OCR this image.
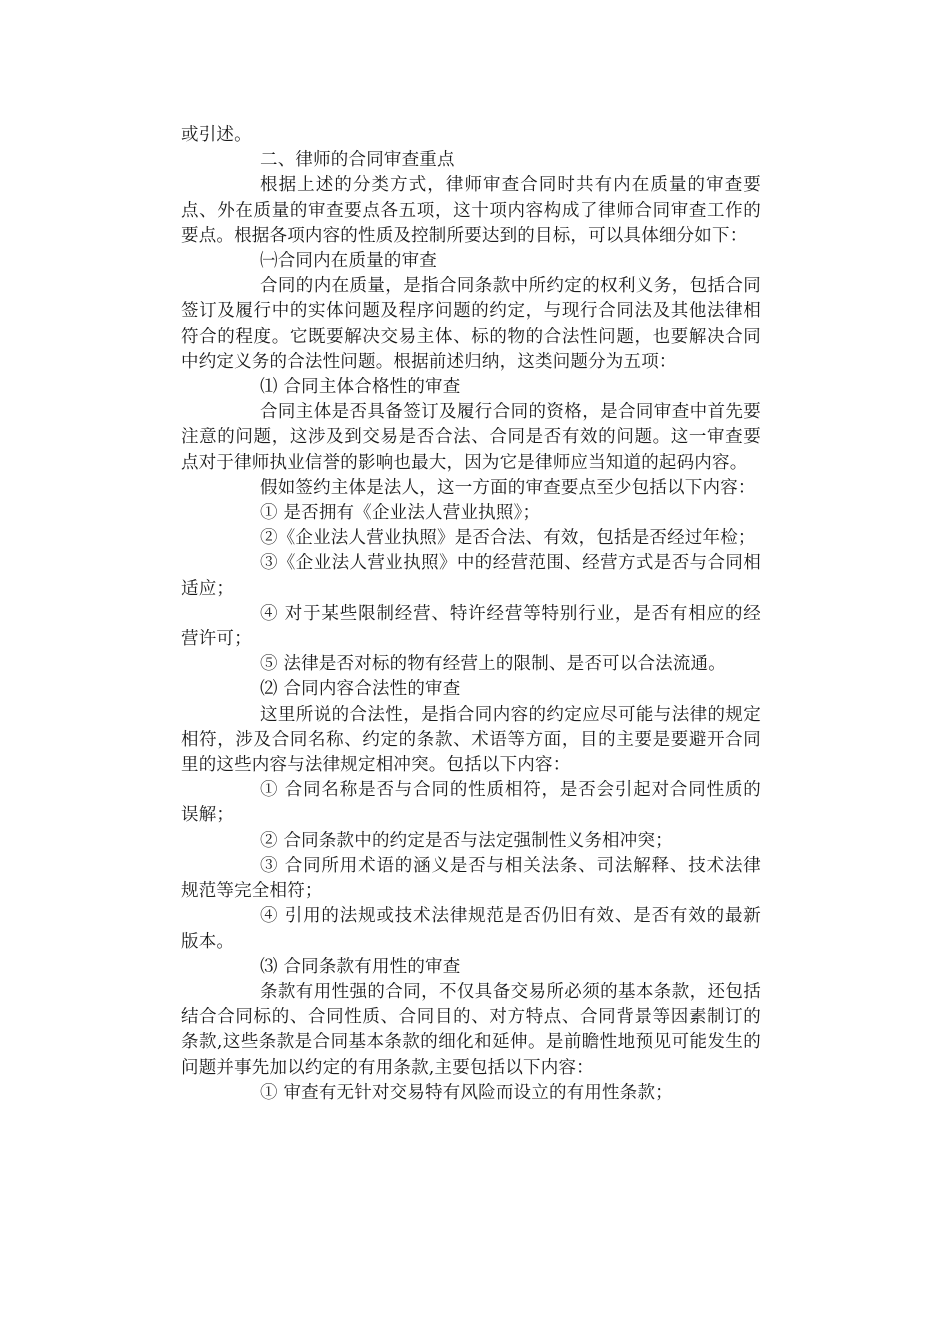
或引述。

二、律师的合同审查重点

根据上述的分类方式，律师审查合同时共有内在质量的审查要点、外在质量的审查要点各五项，这十项内容构成了律师合同审查工作的要点。根据各项内容的性质及控制所要达到的目标，可以具体细分如下：

㈠合同内在质量的审查

合同的内在质量，是指合同条款中所约定的权利义务，包括合同签订及履行中的实体问题及程序问题的约定，与现行合同法及其他法律相符合的程度。它既要解决交易主体、标的物的合法性问题，也要解决合同中约定义务的合法性问题。根据前述归纳，这类问题分为五项：

⑴ 合同主体合格性的审查

合同主体是否具备签订及履行合同的资格，是合同审查中首先要注意的问题，这涉及到交易是否合法、合同是否有效的问题。这一审查要点对于律师执业信誉的影响也最大，因为它是律师应当知道的起码内容。

假如签约主体是法人，这一方面的审查要点至少包括以下内容：

① 是否拥有《企业法人营业执照》；

②《企业法人营业执照》是否合法、有效，包括是否经过年检；

③《企业法人营业执照》中的经营范围、经营方式是否与合同相适应；

④ 对于某些限制经营、特许经营等特别行业，是否有相应的经营许可；

⑤ 法律是否对标的物有经营上的限制、是否可以合法流通。

⑵ 合同内容合法性的审查

这里所说的合法性，是指合同内容的约定应尽可能与法律的规定相符，涉及合同名称、约定的条款、术语等方面，目的主要是要避开合同里的这些内容与法律规定相冲突。包括以下内容：

① 合同名称是否与合同的性质相符，是否会引起对合同性质的误解；

② 合同条款中的约定是否与法定强制性义务相冲突；

③ 合同所用术语的涵义是否与相关法条、司法解释、技术法律规范等完全相符；

④ 引用的法规或技术法律规范是否仍旧有效、是否有效的最新版本。

⑶ 合同条款有用性的审查

条款有用性强的合同，不仅具备交易所必须的基本条款，还包括结合合同标的、合同性质、合同目的、对方特点、合同背景等因素制订的条款,这些条款是合同基本条款的细化和延伸。是前瞻性地预见可能发生的问题并事先加以约定的有用条款,主要包括以下内容：

① 审查有无针对交易特有风险而设立的有用性条款；
